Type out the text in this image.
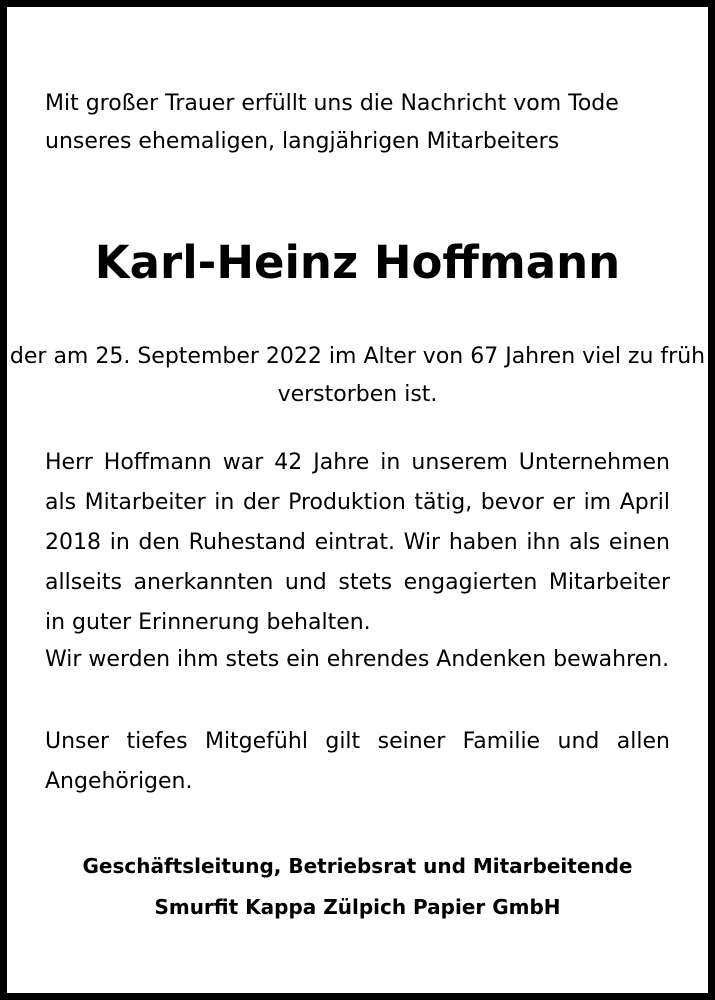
Mit großer Trauer erfüllt uns die Nachricht vom Tode unseres ehemaligen, langjährigen Mitarbeiters

Karl-Heinz Hoffmann

der am 25. September 2022 im Alter von 67 Jahren viel zu früh verstorben ist.

Herr Hoffmann war 42 Jahre in unserem Unternehmen als Mitarbeiter in der Produktion tätig, bevor er im April 2018 in den Ruhestand eintrat. Wir haben ihn als einen allseits anerkannten und stets engagierten Mitarbeiter in guter Erinnerung behalten.

Wir werden ihm stets ein ehrendes Andenken bewahren.

Unser tiefes Mitgefühl gilt seiner Familie und allen Angehörigen.

Geschäftsleitung, Betriebsrat und Mitarbeitende

Smurfit Kappa Zülpich Papier GmbH
